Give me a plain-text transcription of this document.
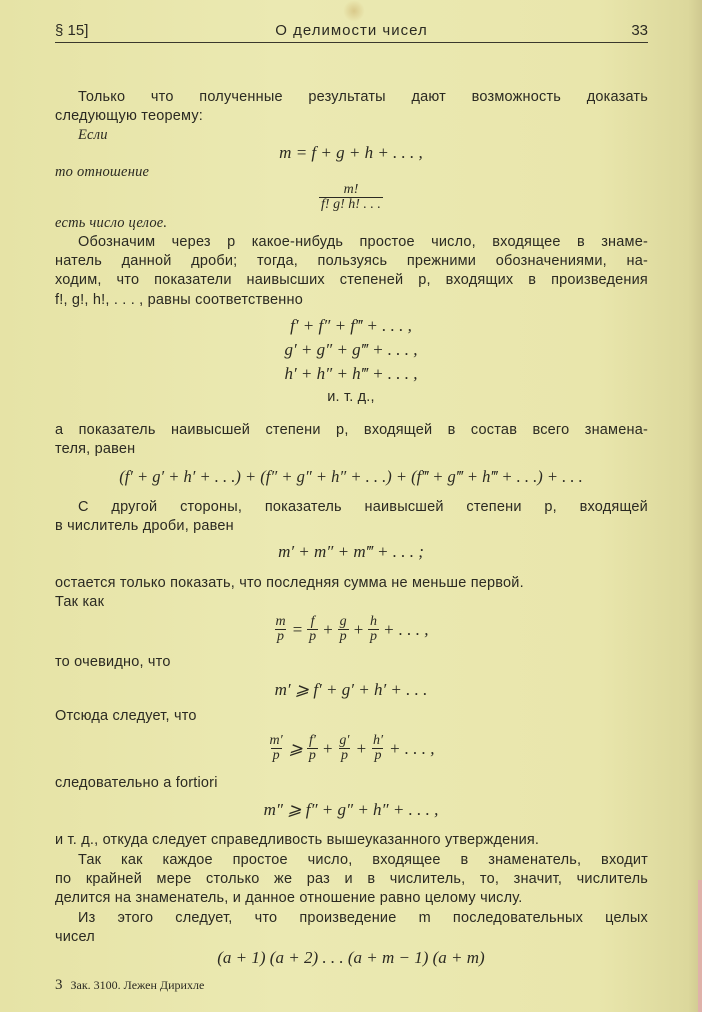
§ 15]	О делимости чисел	33
Только что полученные результаты дают возможность доказать
следующую теорему:
Если
m = f + g + h + . . . ,
то отношение
$\frac{m!}{f! g! h! . . .}$
есть число целое.
Обозначим через p какое-нибудь простое число, входящее в знаме-
натель данной дроби; тогда, пользуясь прежними обозначениями, на-
ходим, что показатели наивысших степеней p, входящих в произведения
f!, g!, h!, . . . , равны соответственно
f′ + f″ + f‴ + . . . ,
g′ + g″ + g‴ + . . . ,
h′ + h″ + h‴ + . . . ,
и. т. д.,
а показатель наивысшей степени p, входящей в состав всего знамена-
теля, равен
(f′ + g′ + h′ + . . .) + (f″ + g″ + h″ + . . .) + (f‴ + g‴ + h‴ + . . .) + . . .
С другой стороны, показатель наивысшей степени p, входящей
в числитель дроби, равен
m′ + m″ + m‴ + . . . ;
остается только показать, что последняя сумма не меньше первой.
Так как
$\frac{m}{p} = \frac{f}{p} + \frac{g}{p} + \frac{h}{p}$ + . . . ,
то очевидно, что
m′ ⩾ f′ + g′ + h′ + . . .
Отсюда следует, что
$\frac{m'}{p}$ ⩾ $\frac{f'}{p} + \frac{g'}{p} + \frac{h'}{p}$ + . . . ,
следовательно a fortiori
m″ ⩾ f″ + g″ + h″ + . . . ,
и т. д., откуда следует справедливость вышеуказанного утверждения.
Так как каждое простое число, входящее в знаменатель, входит
по крайней мере столько же раз и в числитель, то, значит, числитель
делится на знаменатель, и данное отношение равно целому числу.
Из этого следует, что произведение m последовательных целых
чисел
(a + 1) (a + 2) . . . (a + m − 1) (a + m)
3 Зак. 3100. Лежен Дирихле
